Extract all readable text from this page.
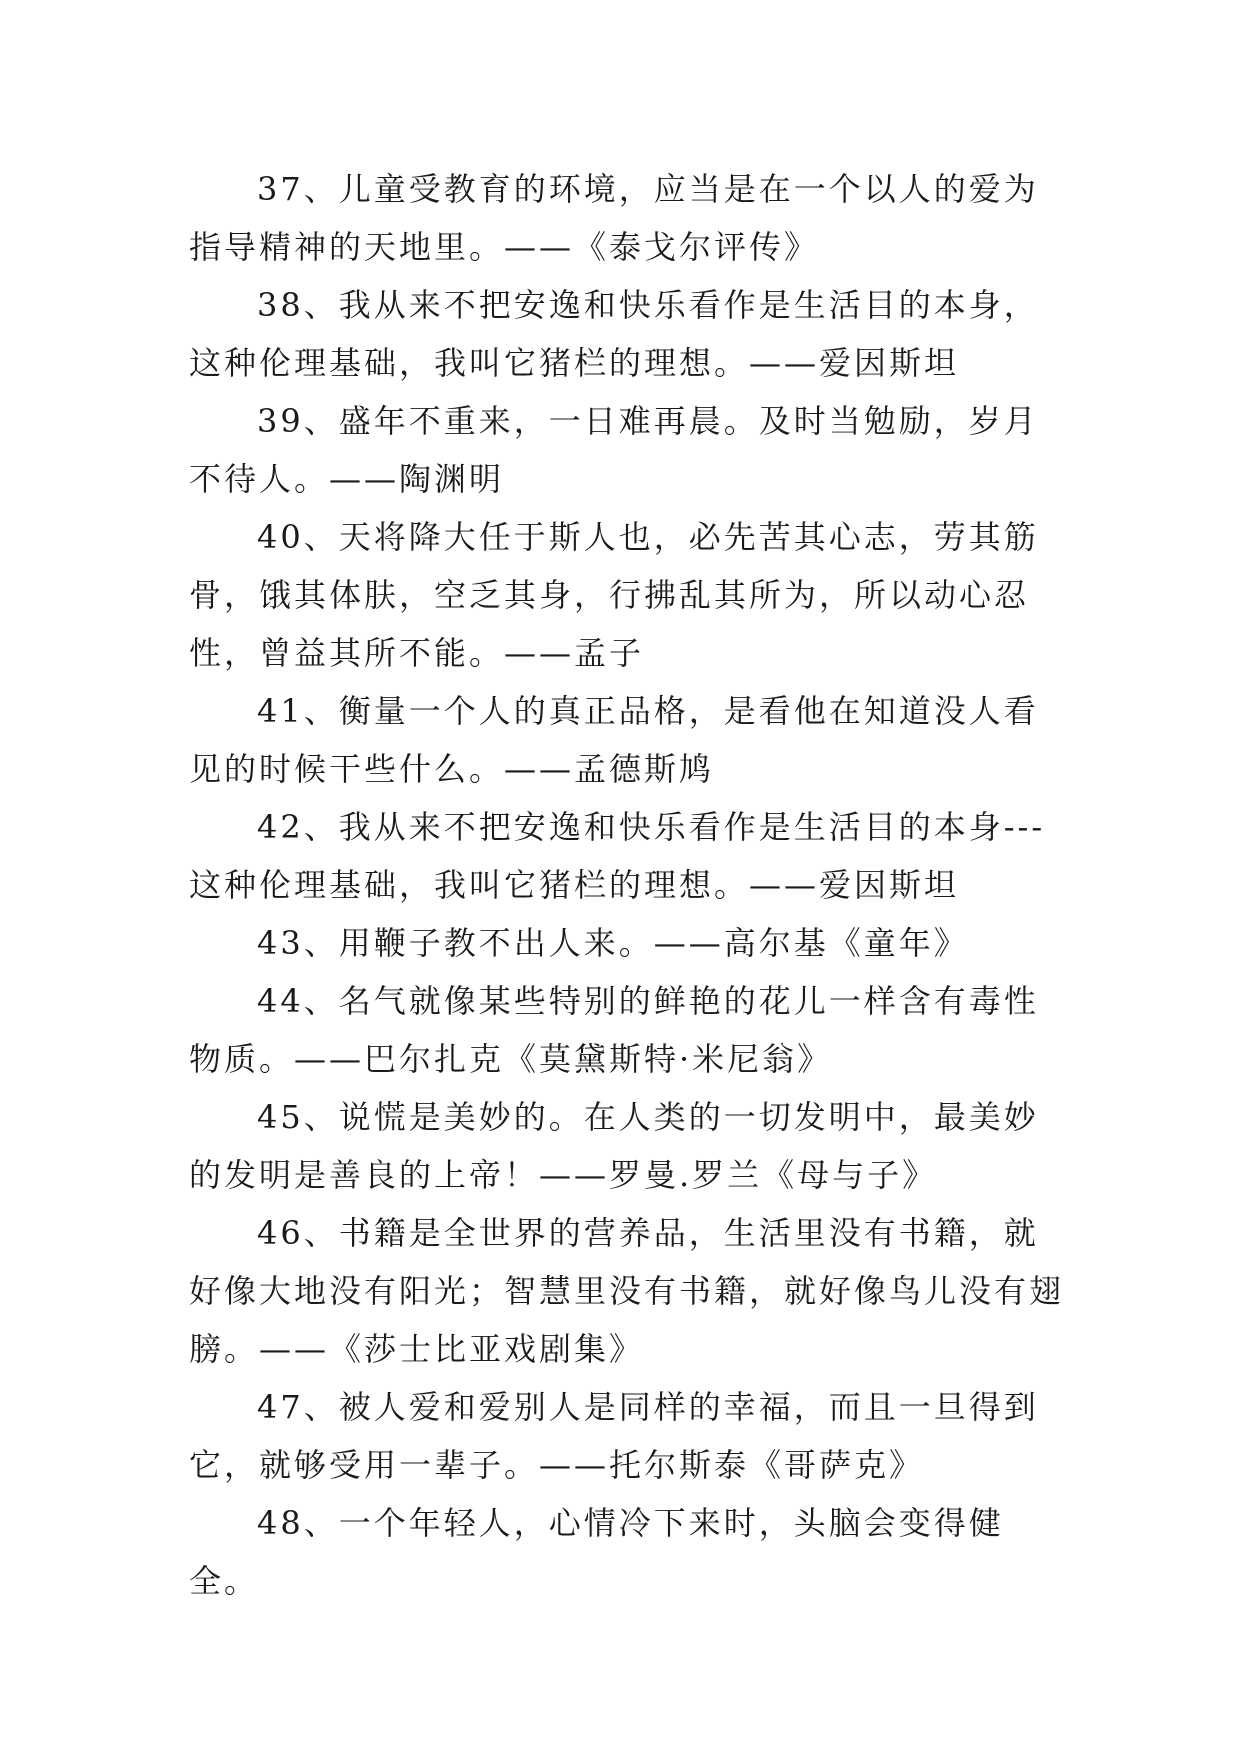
37、儿童受教育的环境，应当是在一个以人的爱为指导精神的天地里。——《泰戈尔评传》

38、我从来不把安逸和快乐看作是生活目的本身，这种伦理基础，我叫它猪栏的理想。——爱因斯坦

39、盛年不重来，一日难再晨。及时当勉励，岁月不待人。——陶渊明

40、天将降大任于斯人也，必先苦其心志，劳其筋骨，饿其体肤，空乏其身，行拂乱其所为，所以动心忍性，曾益其所不能。——孟子

41、衡量一个人的真正品格，是看他在知道没人看见的时候干些什么。——孟德斯鸠

42、我从来不把安逸和快乐看作是生活目的本身---这种伦理基础，我叫它猪栏的理想。——爱因斯坦

43、用鞭子教不出人来。——高尔基《童年》

44、名气就像某些特别的鲜艳的花儿一样含有毒性物质。——巴尔扎克《莫黛斯特·米尼翁》

45、说慌是美妙的。在人类的一切发明中，最美妙的发明是善良的上帝！——罗曼.罗兰《母与子》

46、书籍是全世界的营养品，生活里没有书籍，就好像大地没有阳光；智慧里没有书籍，就好像鸟儿没有翅膀。——《莎士比亚戏剧集》

47、被人爱和爱别人是同样的幸福，而且一旦得到它，就够受用一辈子。——托尔斯泰《哥萨克》

48、一个年轻人，心情冷下来时，头脑会变得健全。
